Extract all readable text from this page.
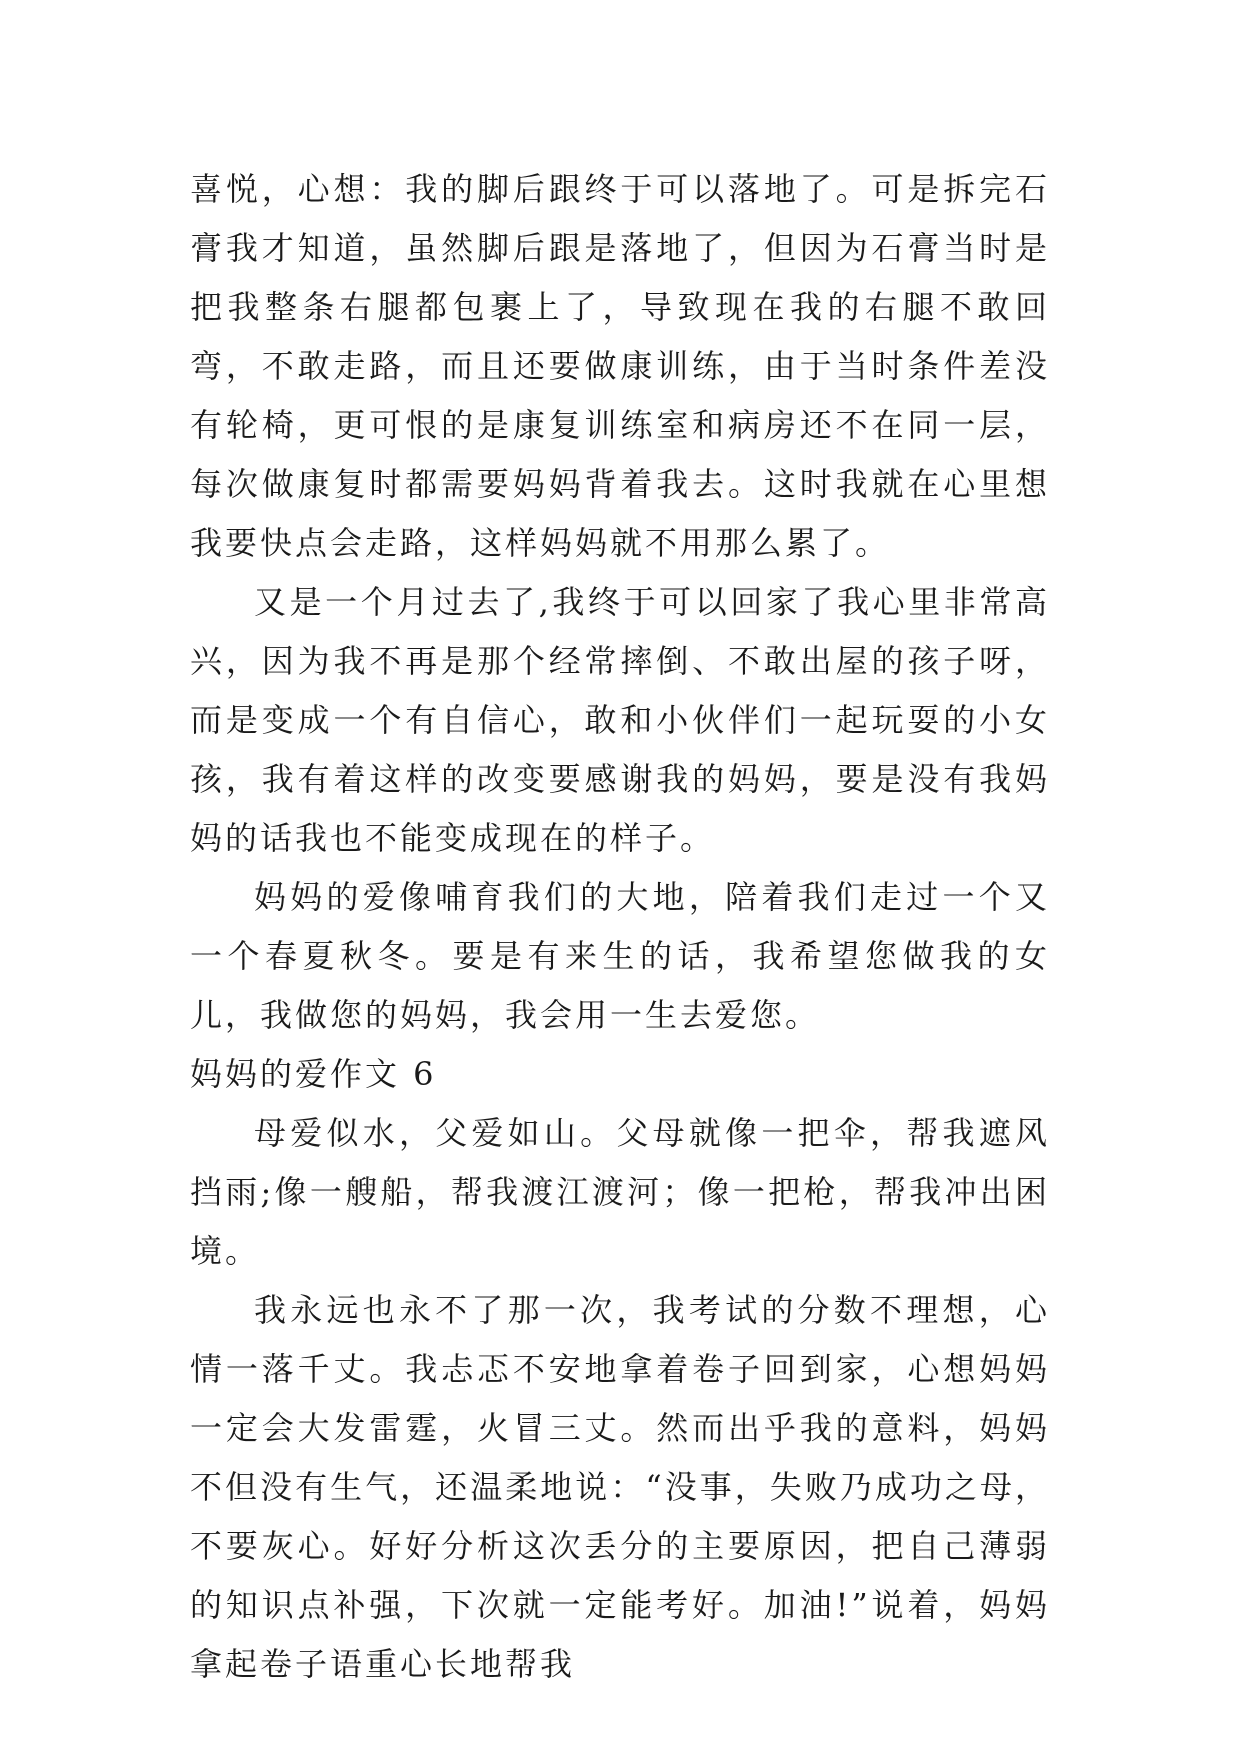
喜悦，心想：我的脚后跟终于可以落地了。可是拆完石膏我才知道，虽然脚后跟是落地了，但因为石膏当时是把我整条右腿都包裹上了，导致现在我的右腿不敢回弯，不敢走路，而且还要做康训练，由于当时条件差没有轮椅，更可恨的是康复训练室和病房还不在同一层，每次做康复时都需要妈妈背着我去。这时我就在心里想我要快点会走路，这样妈妈就不用那么累了。

又是一个月过去了,我终于可以回家了我心里非常高兴，因为我不再是那个经常摔倒、不敢出屋的孩子呀，而是变成一个有自信心，敢和小伙伴们一起玩耍的小女孩，我有着这样的改变要感谢我的妈妈，要是没有我妈妈的话我也不能变成现在的样子。

妈妈的爱像哺育我们的大地，陪着我们走过一个又一个春夏秋冬。要是有来生的话，我希望您做我的女儿，我做您的妈妈，我会用一生去爱您。

妈妈的爱作文 6

母爱似水，父爱如山。父母就像一把伞，帮我遮风挡雨;像一艘船，帮我渡江渡河；像一把枪，帮我冲出困境。

我永远也永不了那一次，我考试的分数不理想，心情一落千丈。我忐忑不安地拿着卷子回到家，心想妈妈一定会大发雷霆，火冒三丈。然而出乎我的意料，妈妈不但没有生气，还温柔地说：“没事，失败乃成功之母，不要灰心。好好分析这次丢分的主要原因，把自己薄弱的知识点补强，下次就一定能考好。加油!”说着，妈妈拿起卷子语重心长地帮我
